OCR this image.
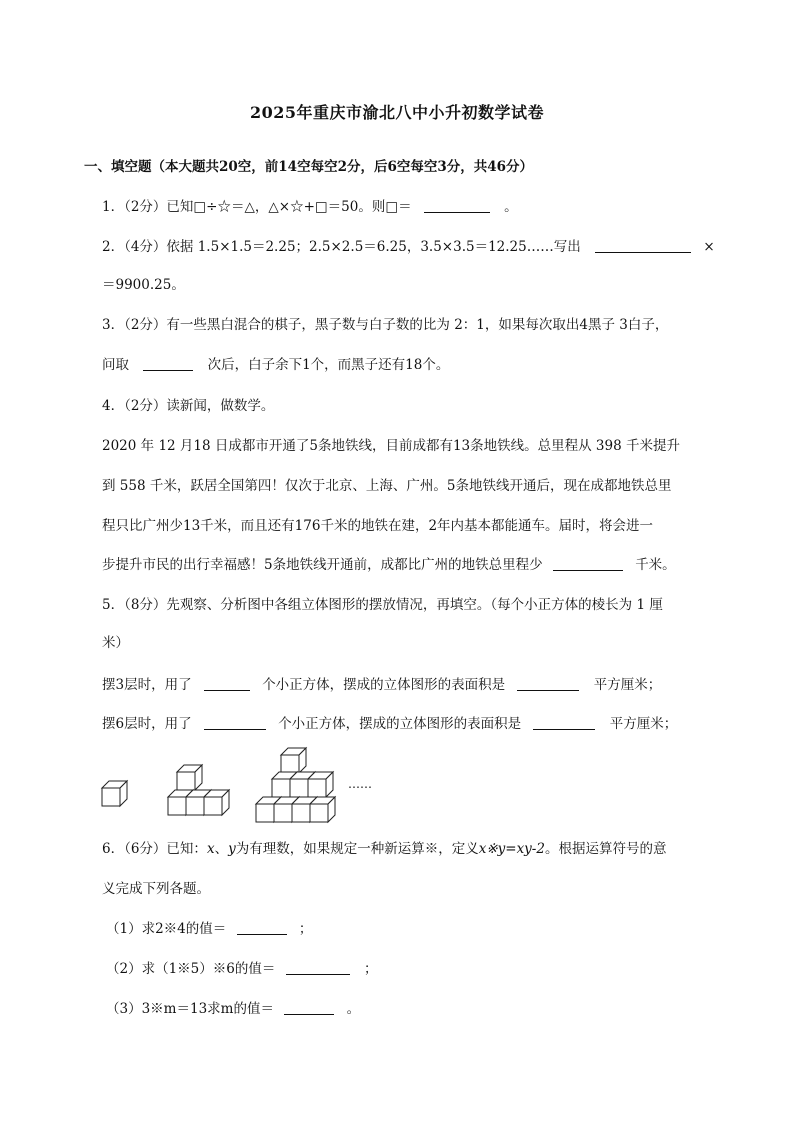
2025年重庆市渝北八中小升初数学试卷
一、填空题（本大题共20空，前14空每空2分，后6空每空3分，共46分）
1．（2分）已知□÷☆＝△，△×☆+□＝50。则□＝	。
2．（4分）依据 1.5×1.5＝2.25；2.5×2.5＝6.25，3.5×3.5＝12.25……写出	×
＝9900.25。
3．（2分）有一些黑白混合的棋子，黑子数与白子数的比为 2：1，如果每次取出4黑子 3白子，
问取	次后，白子余下1个，而黑子还有18个。
4．（2分）读新闻，做数学。
2020 年 12 月18 日成都市开通了5条地铁线，目前成都有13条地铁线。总里程从 398 千米提升
到 558 千米，跃居全国第四！仅次于北京、上海、广州。5条地铁线开通后，现在成都地铁总里
程只比广州少13千米，而且还有176千米的地铁在建，2年内基本都能通车。届时，将会进一
步提升市民的出行幸福感！5条地铁线开通前，成都比广州的地铁总里程少	千米。
5．（8分）先观察、分析图中各组立体图形的摆放情况，再填空。（每个小正方体的棱长为 1 厘
米）
摆3层时，用了	个小正方体，摆成的立体图形的表面积是	平方厘米；
摆6层时，用了	个小正方体，摆成的立体图形的表面积是	平方厘米；
……
6．（6分）已知：x、y为有理数，如果规定一种新运算※，定义x※y=xy-2。根据运算符号的意
义完成下列各题。
（1）求2※4的值＝	；
（2）求（1※5）※6的值＝	；
（3）3※m＝13求m的值＝	。
